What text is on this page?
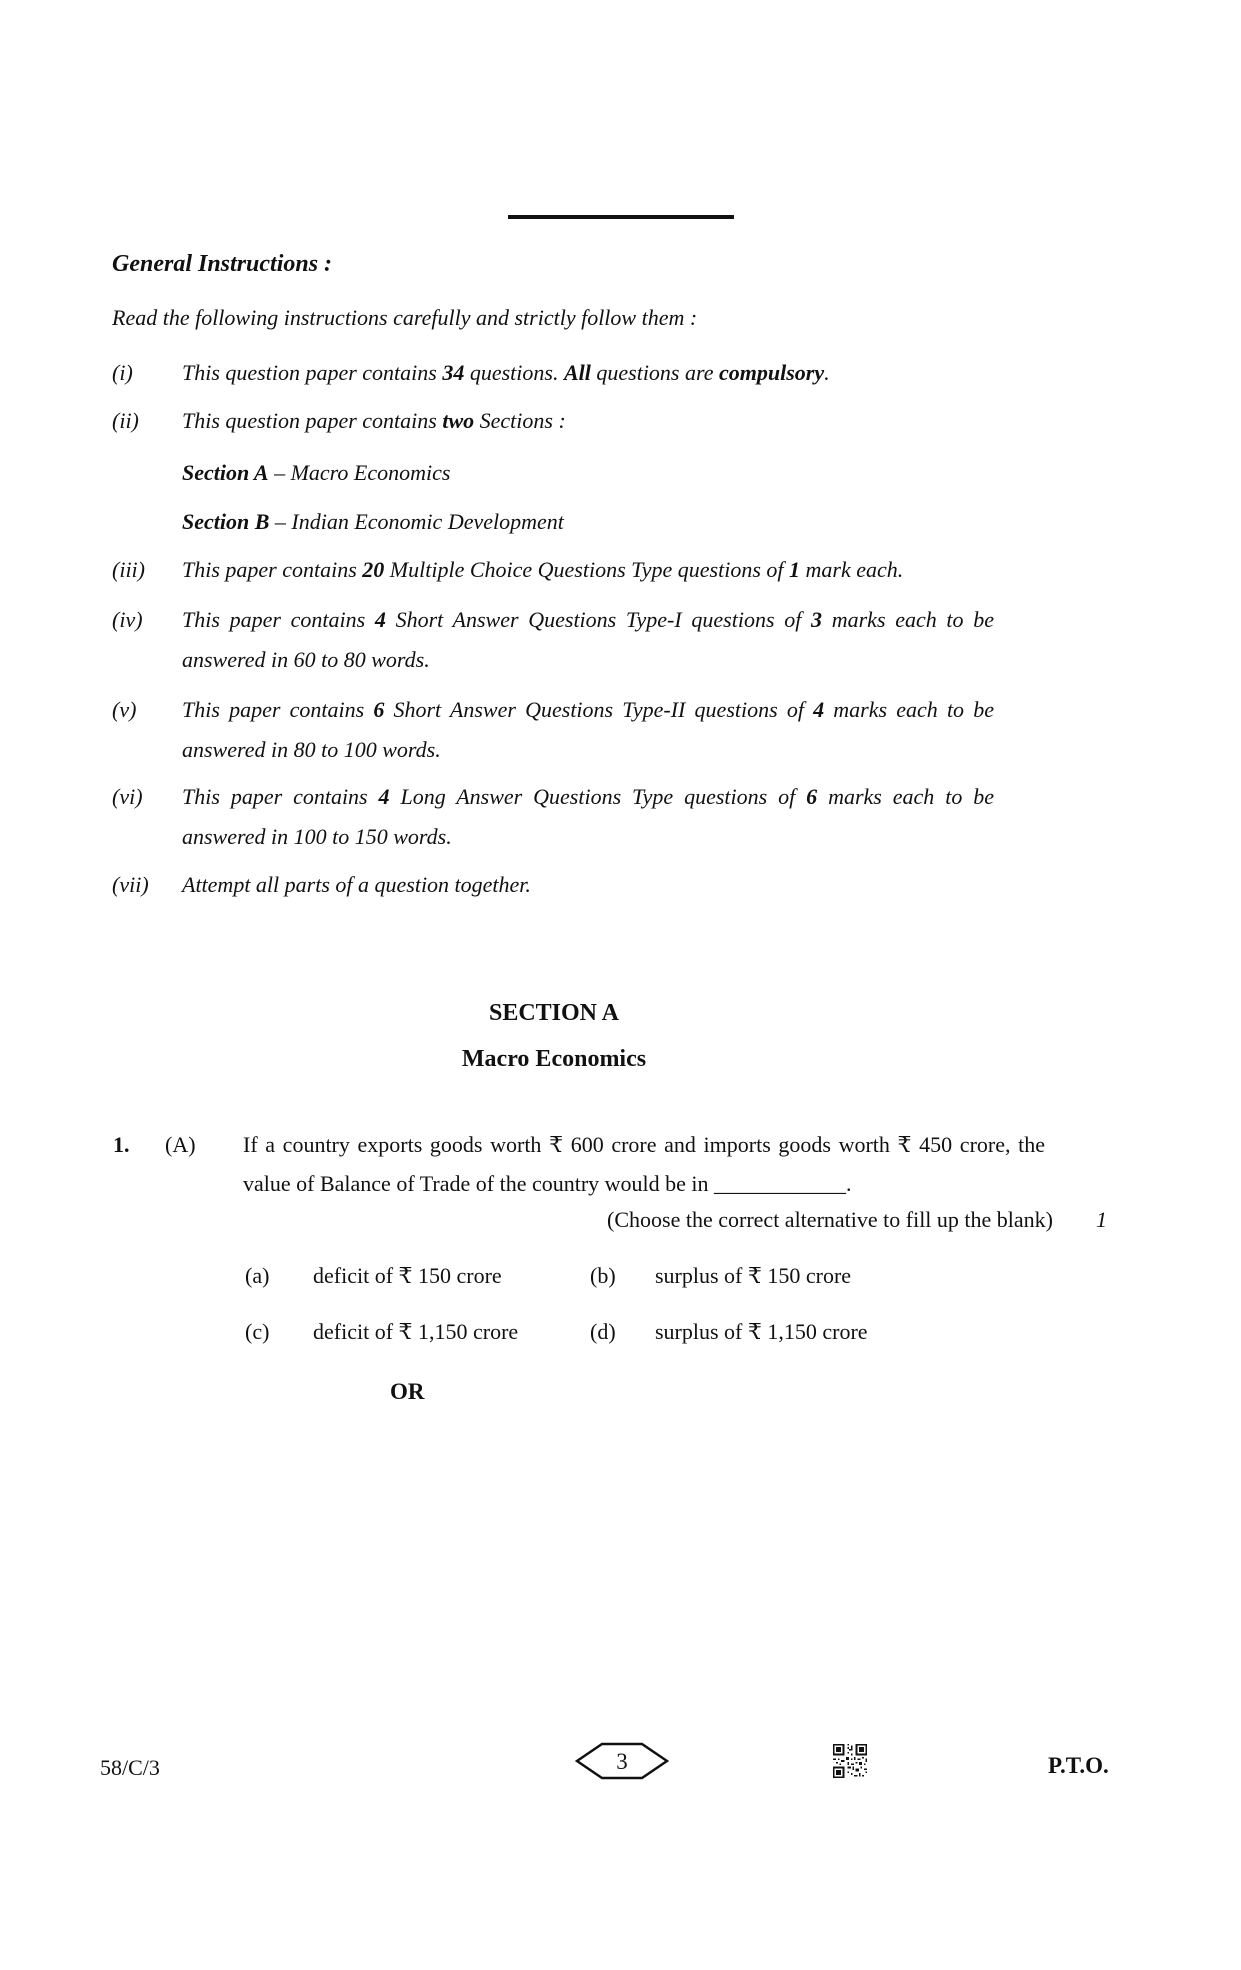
General Instructions :
Read the following instructions carefully and strictly follow them :
(i)	This question paper contains 34 questions. All questions are compulsory.
(ii)	This question paper contains two Sections :
Section A – Macro Economics
Section B – Indian Economic Development
(iii)	This paper contains 20 Multiple Choice Questions Type questions of 1 mark each.
(iv)	This paper contains 4 Short Answer Questions Type-I questions of 3 marks each to be answered in 60 to 80 words.
(v)	This paper contains 6 Short Answer Questions Type-II questions of 4 marks each to be answered in 80 to 100 words.
(vi)	This paper contains 4 Long Answer Questions Type questions of 6 marks each to be answered in 100 to 150 words.
(vii)	Attempt all parts of a question together.
SECTION A
Macro Economics
1.	(A)	If a country exports goods worth ₹ 600 crore and imports goods worth ₹ 450 crore, the value of Balance of Trade of the country would be in ____________.
(Choose the correct alternative to fill up the blank)	1
(a)	deficit of ₹ 150 crore	(b)	surplus of ₹ 150 crore
(c)	deficit of ₹ 1,150 crore	(d)	surplus of ₹ 1,150 crore
OR
58/C/3	3	P.T.O.
